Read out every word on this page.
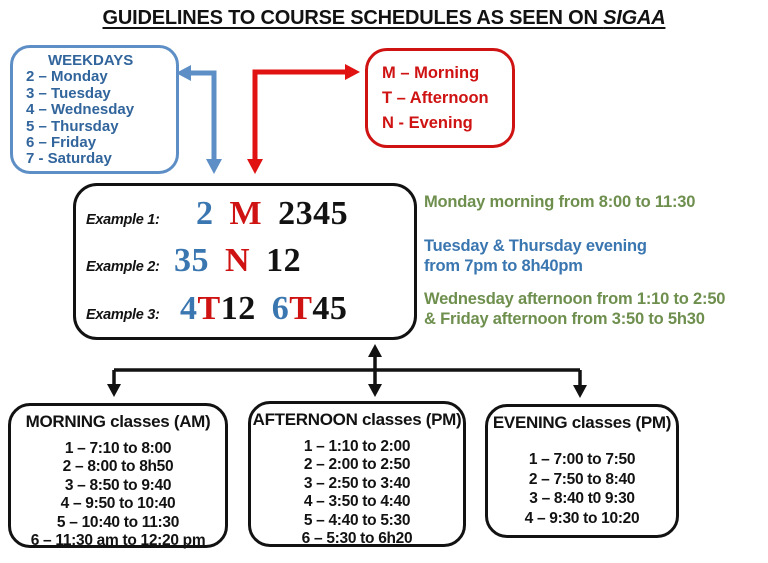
GUIDELINES TO COURSE SCHEDULES AS SEEN ON SIGAA
WEEKDAYS
2 – Monday
3 – Tuesday
4 – Wednesday
5 – Thursday
6 – Friday
7 - Saturday
M – Morning
T – Afternoon
N - Evening
Example 1:	2 M 2345
Example 2: 35 N 12
Example 3: 4T12 6T45
Monday morning from 8:00 to 11:30
Tuesday & Thursday evening
from 7pm to 8h40pm
Wednesday afternoon from 1:10 to 2:50
& Friday afternoon from 3:50 to 5h30
MORNING classes (AM)
1 – 7:10 to 8:00
2 – 8:00 to 8h50
3 – 8:50 to 9:40
4 – 9:50 to 10:40
5 – 10:40 to 11:30
6 – 11:30 am to 12:20 pm
AFTERNOON classes (PM)
1 – 1:10 to 2:00
2 – 2:00 to 2:50
3 – 2:50 to 3:40
4 – 3:50 to 4:40
5 – 4:40 to 5:30
6 – 5:30 to 6h20
EVENING classes (PM)
1 – 7:00 to 7:50
2 – 7:50 to 8:40
3 – 8:40 t0 9:30
4 – 9:30 to 10:20
